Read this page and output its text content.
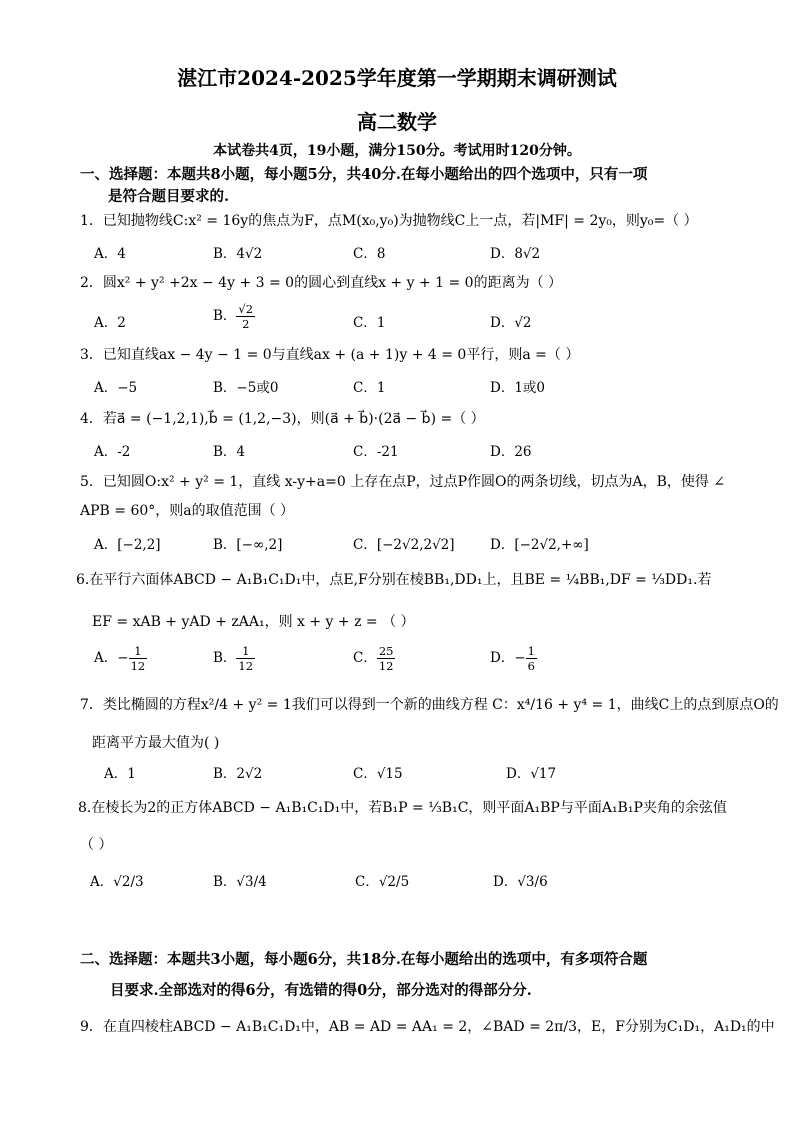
湛江市2024-2025学年度第一学期期末调研测试
高二数学
本试卷共4页，19小题，满分150分。考试用时120分钟。
一、选择题：本题共8小题，每小题5分，共40分.在每小题给出的四个选项中，只有一项
是符合题目要求的.
1．已知抛物线C:x² = 16y的焦点为F，点M(x₀,y₀)为抛物线C上一点，若|MF| = 2y₀，则y₀=（ ）
A．4	B．4√2	C．8	D．8√2
2．圆x² + y² +2x − 4y + 3 = 0的圆心到直线x + y + 1 = 0的距离为（ ）
A．2	B． $\frac{√2}{2}$	C．1	D．√2
3．已知直线ax − 4y − 1 = 0与直线ax + (a + 1)y + 4 = 0平行，则a =（ ）
A．−5	B．−5或0	C．1	D．1或0
4．若a⃗ = (−1,2,1),b⃗ = (1,2,−3)，则(a⃗ + b⃗)·(2a⃗ − b⃗) =（ ）
A．-2	B．4	C．-21	D．26
5．已知圆O:x² + y² = 1，直线 x-y+a=0 上存在点P，过点P作圆O的两条切线，切点为A，B，使得 ∠
APB = 60°，则a的取值范围（ ）
A．[−2,2]	B．[−∞,2]	C．[−2√2,2√2]	D．[−2√2,+∞]
6.在平行六面体ABCD − A₁B₁C₁D₁中，点E,F分别在棱BB₁,DD₁上，且BE = ¼BB₁,DF = ⅓DD₁.若
EF = xAB + yAD + zAA₁，则 x + y + z = （ ）
A．− $\frac{1}{12}$	B． $\frac{1}{12}$	C． $\frac{25}{12}$	D．− $\frac{1}{6}$
7．类比椭圆的方程x²/4 + y² = 1我们可以得到一个新的曲线方程 C：x⁴/16 + y⁴ = 1，曲线C上的点到原点O的
距离平方最大值为( )
A．1	B．2√2	C．√15	D．√17
8.在棱长为2的正方体ABCD − A₁B₁C₁D₁中，若B₁P = ⅓B₁C，则平面A₁BP与平面A₁B₁P夹角的余弦值
（ ）
A．√2/3	B．√3/4	C．√2/5	D．√3/6
二、选择题：本题共3小题，每小题6分，共18分.在每小题给出的选项中，有多项符合题
目要求.全部选对的得6分，有选错的得0分，部分选对的得部分分.
9．在直四棱柱ABCD − A₁B₁C₁D₁中，AB = AD = AA₁ = 2，∠BAD = 2π/3，E，F分别为C₁D₁，A₁D₁的中
